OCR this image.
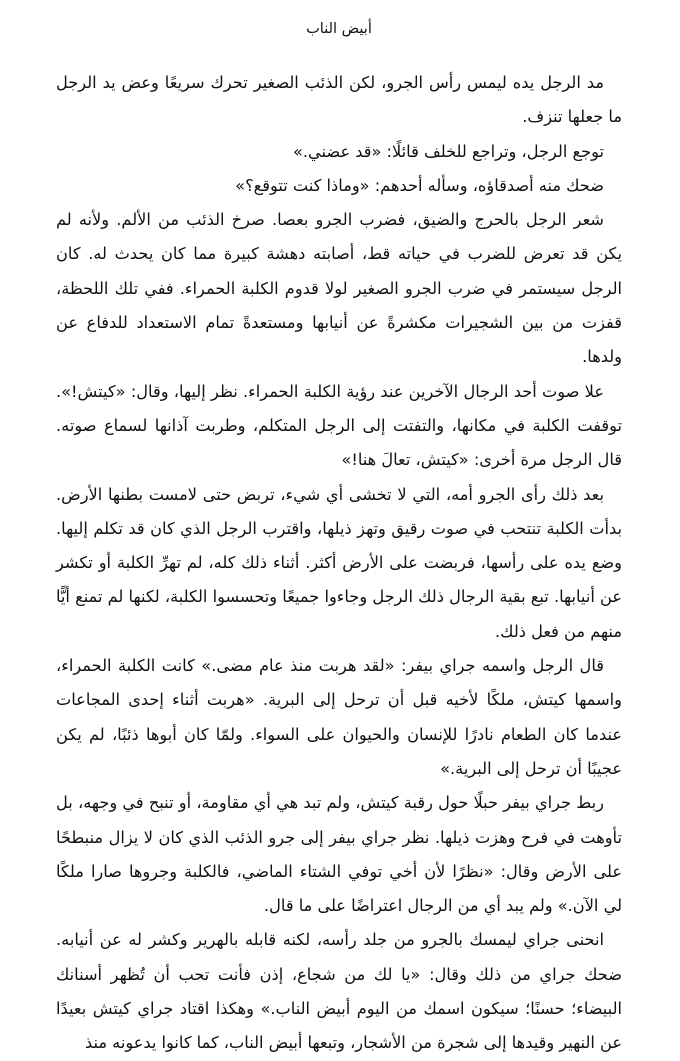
أبيض الناب

مد الرجل يده ليمس رأس الجرو، لكن الذئب الصغير تحرك سريعًا وعض يد الرجل ما جعلها تنزف.

توجع الرجل، وتراجع للخلف قائلًا: «قد عضني.»

ضحك منه أصدقاؤه، وسأله أحدهم: «وماذا كنت تتوقع؟»

شعر الرجل بالحرج والضيق، فضرب الجرو بعصا. صرخ الذئب من الألم. ولأنه لم يكن قد تعرض للضرب في حياته قط، أصابته دهشة كبيرة مما كان يحدث له. كان الرجل سيستمر في ضرب الجرو الصغير لولا قدوم الكلبة الحمراء. ففي تلك اللحظة، قفزت من بين الشجيرات مكشرةً عن أنيابها ومستعدةً تمام الاستعداد للدفاع عن ولدها.

علا صوت أحد الرجال الآخرين عند رؤية الكلبة الحمراء. نظر إليها، وقال: «كيتش!». توقفت الكلبة في مكانها، والتفتت إلى الرجل المتكلم، وطربت آذانها لسماع صوته. قال الرجل مرة أخرى: «كيتش، تعالَ هنا!»

بعد ذلك رأى الجرو أمه، التي لا تخشى أي شيء، تربض حتى لامست بطنها الأرض. بدأت الكلبة تنتحب في صوت رقيق وتهز ذيلها، واقترب الرجل الذي كان قد تكلم إليها. وضع يده على رأسها، فربضت على الأرض أكثر. أثناء ذلك كله، لم تهرِّ الكلبة أو تكشر عن أنيابها. تبع بقية الرجال ذلك الرجل وجاءوا جميعًا وتحسسوا الكلبة، لكنها لم تمنع أيًّا منهم من فعل ذلك.

قال الرجل واسمه جراي بيفر: «لقد هربت منذ عام مضى.» كانت الكلبة الحمراء، واسمها كيتش، ملكًا لأخيه قبل أن ترحل إلى البرية. «هربت أثناء إحدى المجاعات عندما كان الطعام نادرًا للإنسان والحيوان على السواء. ولمّا كان أبوها ذئبًا، لم يكن عجيبًا أن ترحل إلى البرية.»

ربط جراي بيفر حبلًا حول رقبة كيتش، ولم تبد هي أي مقاومة، أو تنبح في وجهه، بل تأوهت في فرح وهزت ذيلها. نظر جراي بيفر إلى جرو الذئب الذي كان لا يزال منبطحًا على الأرض وقال: «نظرًا لأن أخي توفي الشتاء الماضي، فالكلبة وجروها صارا ملكًا لي الآن.» ولم يبد أي من الرجال اعتراضًا على ما قال.

انحنى جراي ليمسك بالجرو من جلد رأسه، لكنه قابله بالهرير وكشر له عن أنيابه. ضحك جراي من ذلك وقال: «يا لك من شجاع، إذن فأنت تحب أن تُظهر أسنانك البيضاء؛ حسنًا؛ سيكون اسمك من اليوم أبيض الناب.» وهكذا اقتاد جراي كيتش بعيدًا عن النهير وقيدها إلى شجرة من الأشجار، وتبعها أبيض الناب، كما كانوا يدعونه منذ
